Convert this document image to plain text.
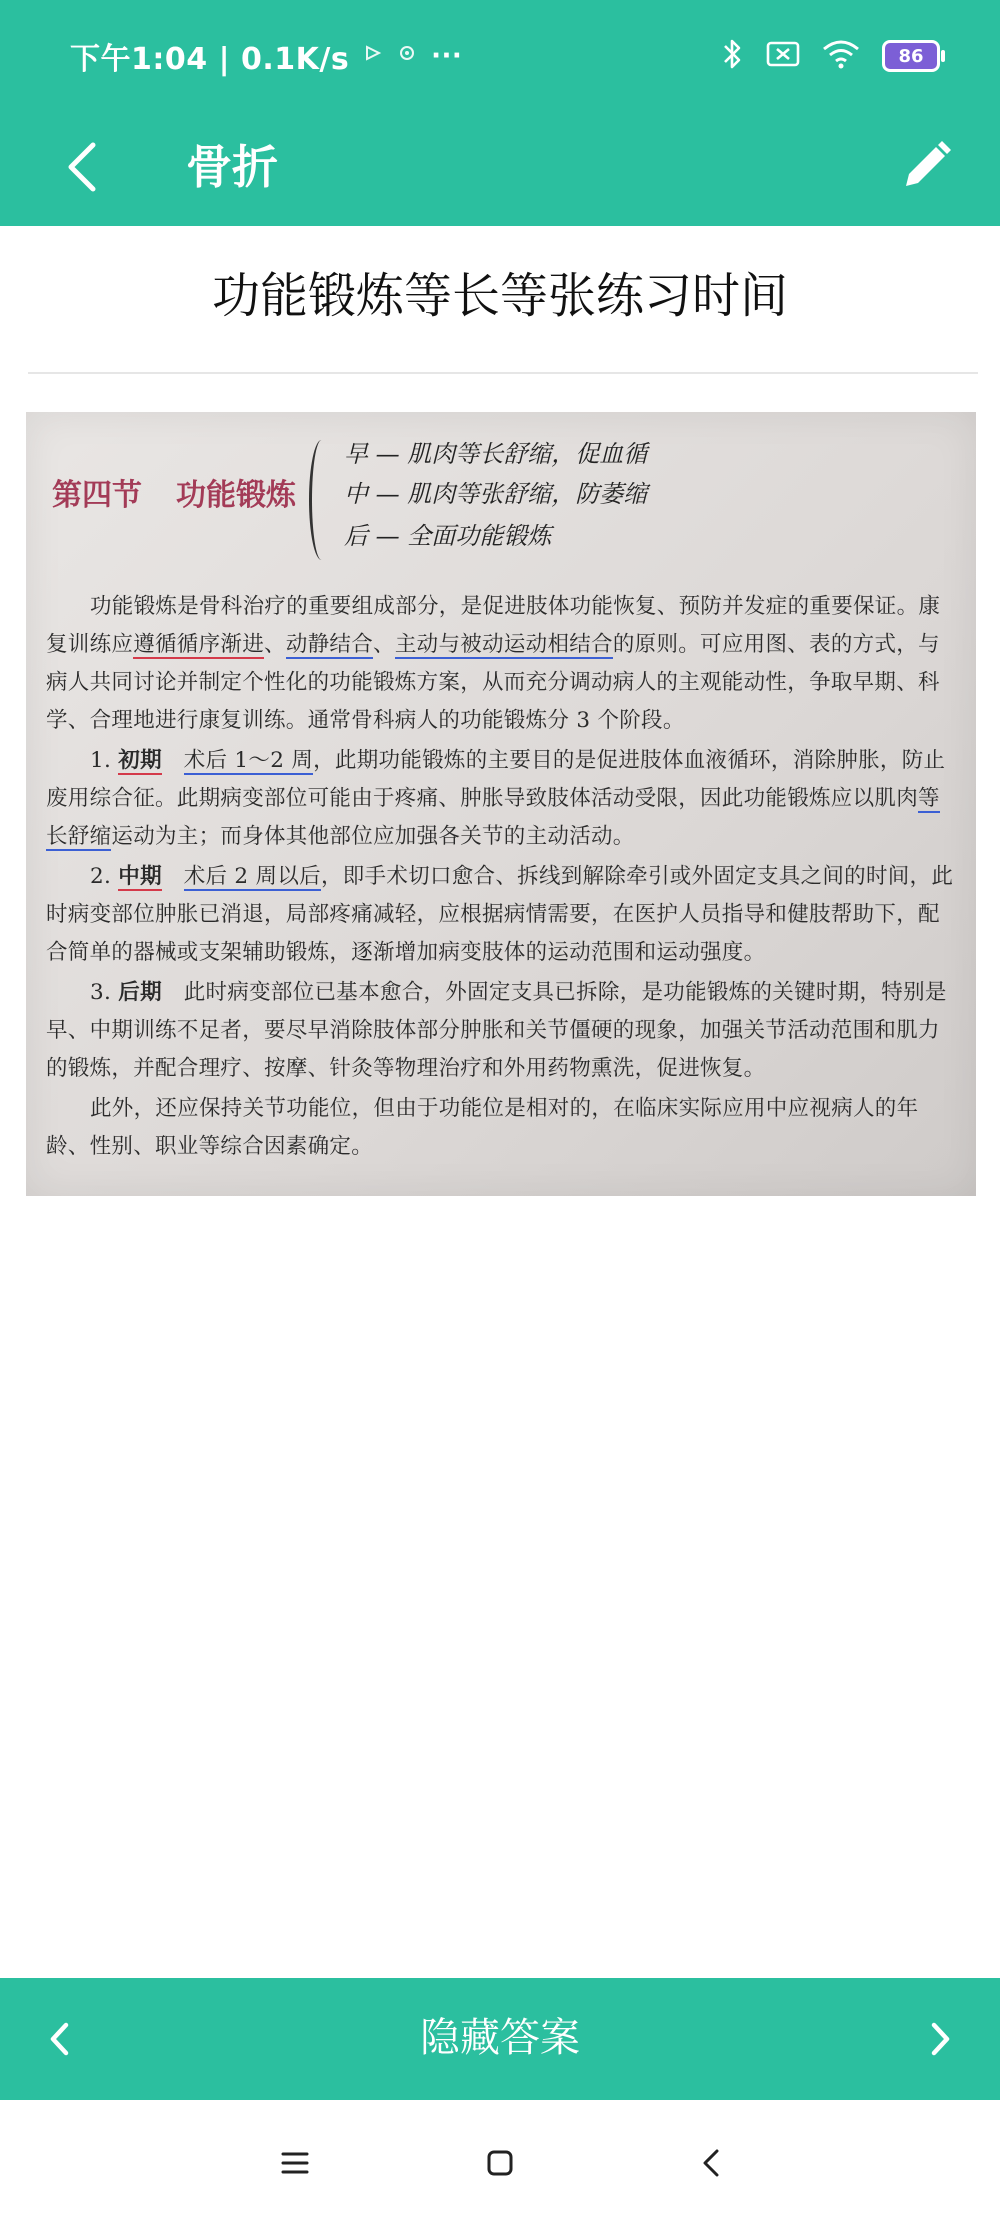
下午1:04 | 0.1K/s	···	86
骨折
功能锻炼等长等张练习时间
第四节 功能锻炼
早 — 肌肉等长舒缩，促血循
中 — 肌肉等张舒缩，防萎缩
后 — 全面功能锻炼
功能锻炼是骨科治疗的重要组成部分，是促进肢体功能恢复、预防并发症的重要保证。康复训练应遵循循序渐进、动静结合、主动与被动运动相结合的原则。可应用图、表的方式，与病人共同讨论并制定个性化的功能锻炼方案，从而充分调动病人的主观能动性，争取早期、科学、合理地进行康复训练。通常骨科病人的功能锻炼分 3 个阶段。
1. 初期　 术后 1～2 周，此期功能锻炼的主要目的是促进肢体血液循环，消除肿胀，防止废用综合征。此期病变部位可能由于疼痛、肿胀导致肢体活动受限，因此功能锻炼应以肌肉等长舒缩运动为主；而身体其他部位应加强各关节的主动活动。
2. 中期　 术后 2 周以后，即手术切口愈合、拆线到解除牵引或外固定支具之间的时间，此时病变部位肿胀已消退，局部疼痛减轻，应根据病情需要，在医护人员指导和健肢帮助下，配合简单的器械或支架辅助锻炼，逐渐增加病变肢体的运动范围和运动强度。
3. 后期　 此时病变部位已基本愈合，外固定支具已拆除，是功能锻炼的关键时期，特别是早、中期训练不足者，要尽早消除肢体部分肿胀和关节僵硬的现象，加强关节活动范围和肌力的锻炼，并配合理疗、按摩、针灸等物理治疗和外用药物熏洗，促进恢复。
此外，还应保持关节功能位，但由于功能位是相对的，在临床实际应用中应视病人的年龄、性别、职业等综合因素确定。
隐藏答案
